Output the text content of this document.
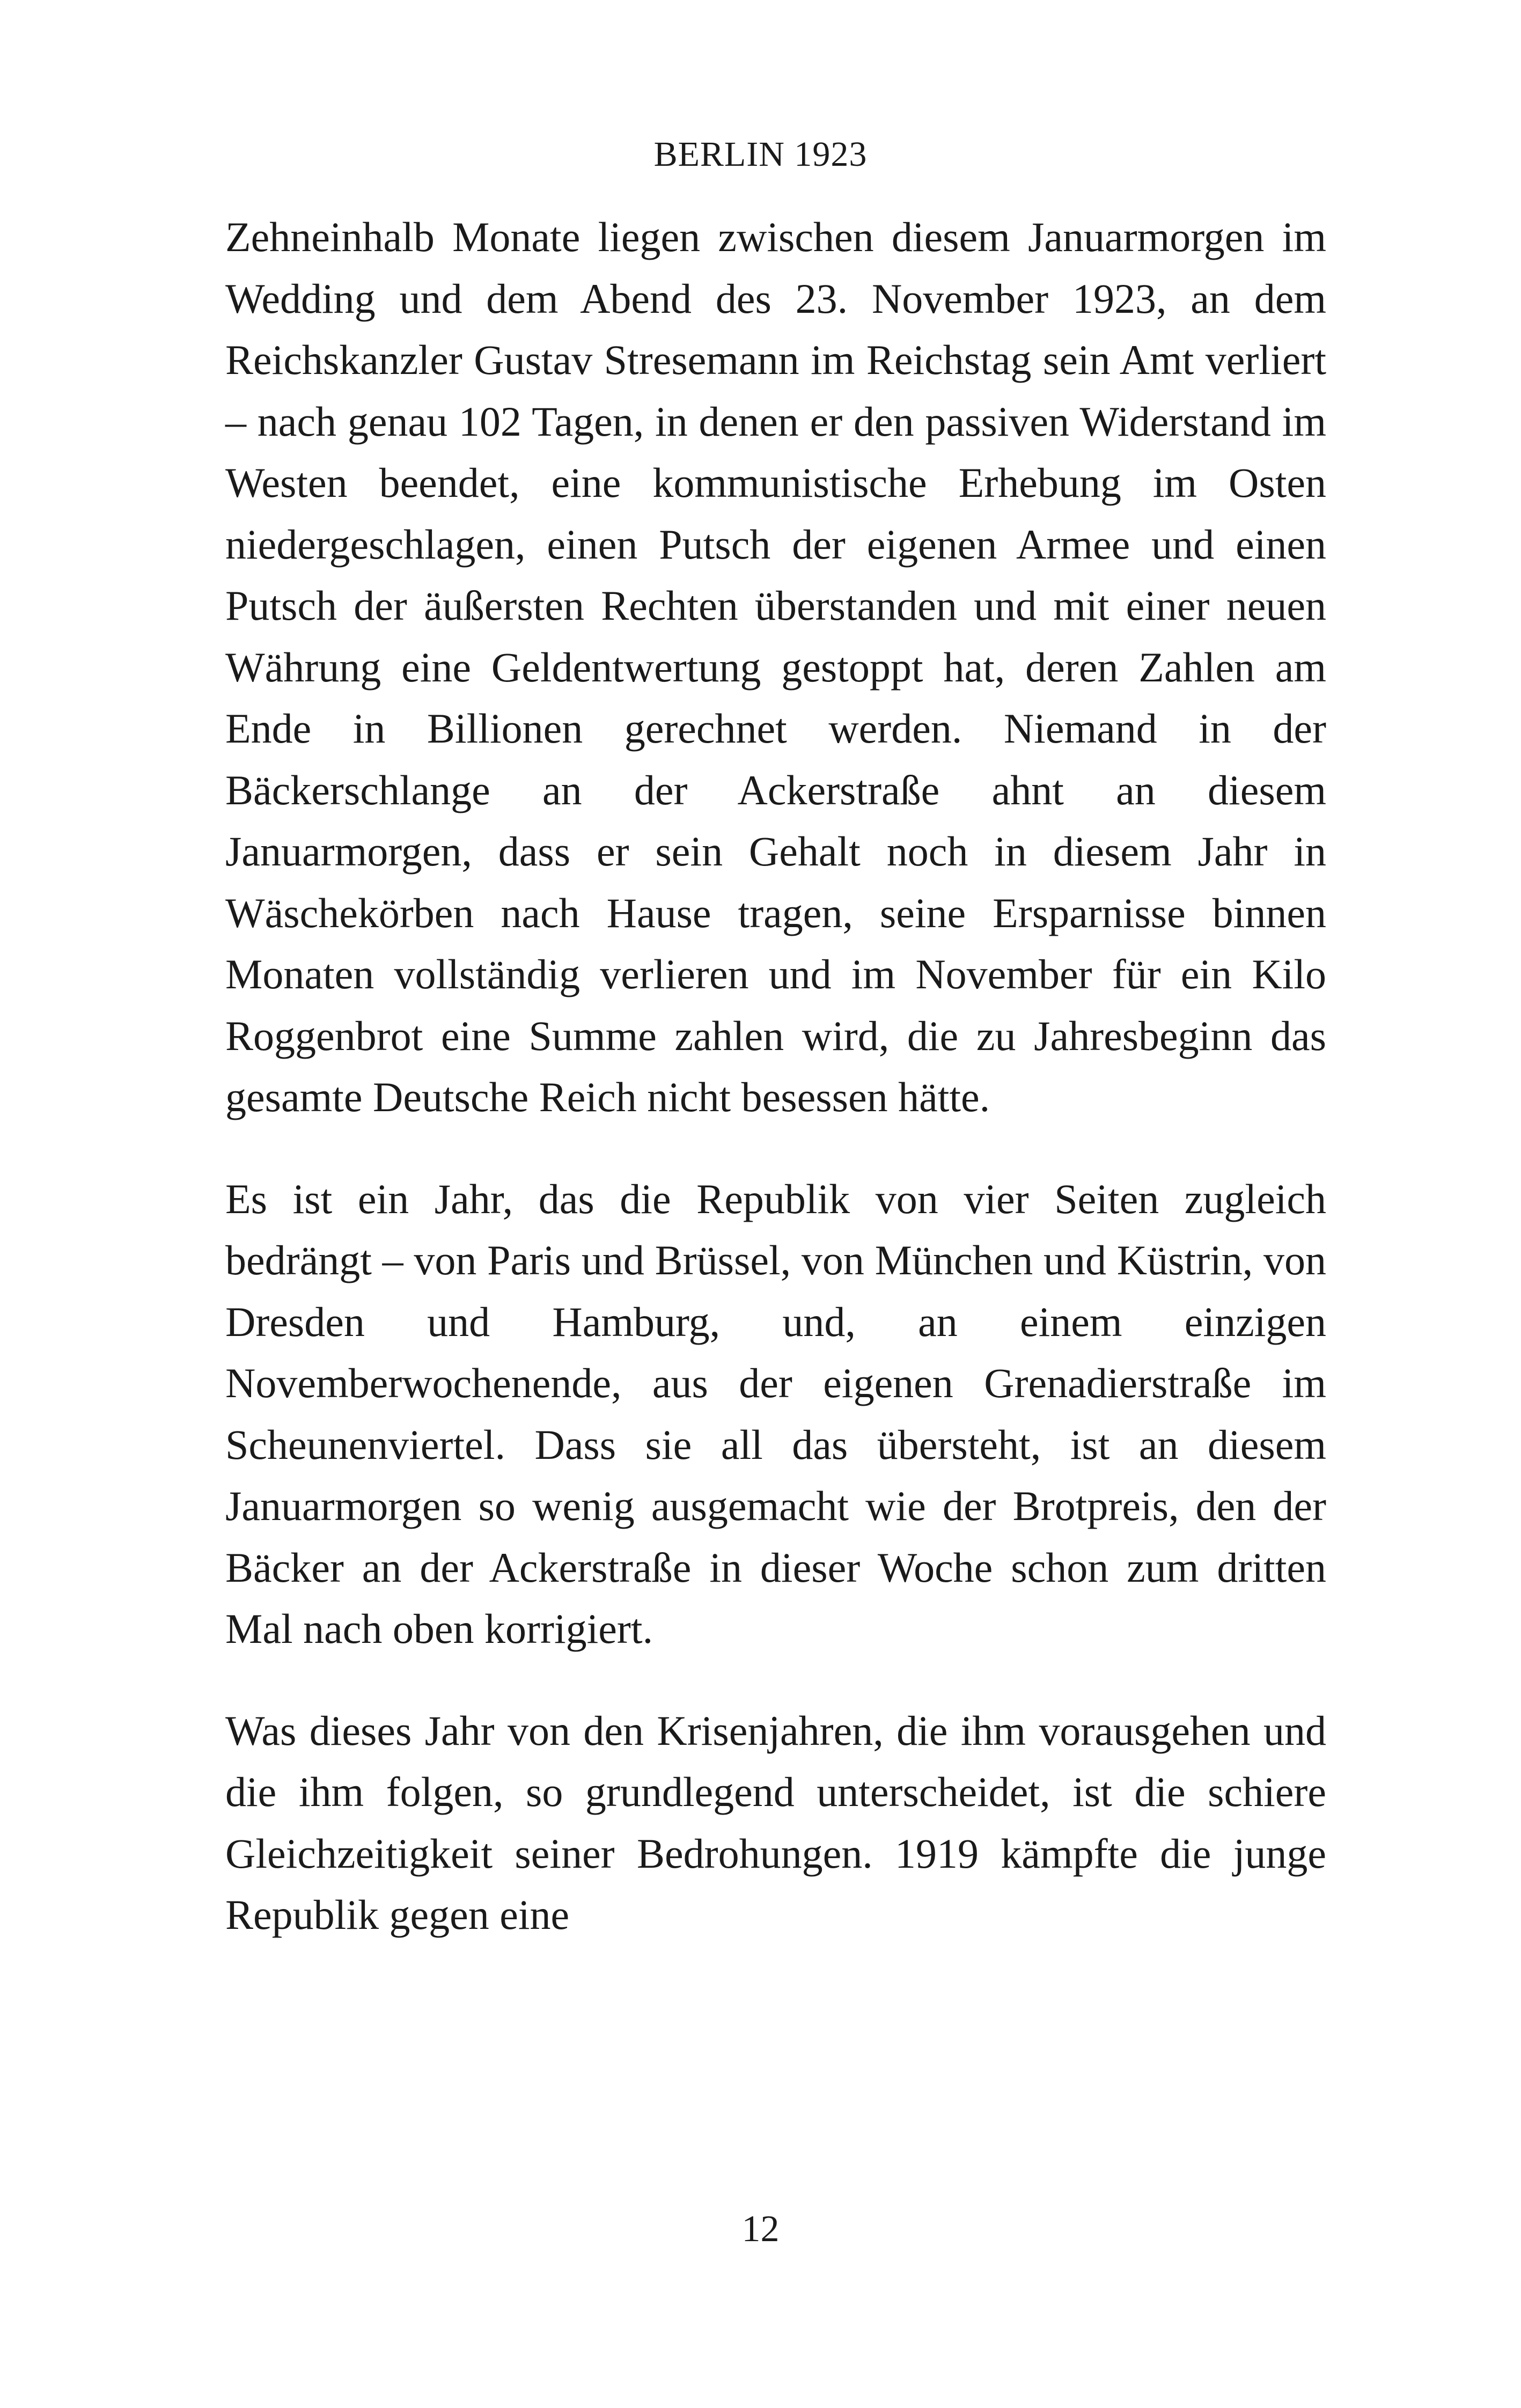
BERLIN 1923

Zehneinhalb Monate liegen zwischen diesem Januarmorgen im Wedding und dem Abend des 23. November 1923, an dem Reichskanzler Gustav Stresemann im Reichstag sein Amt verliert – nach genau 102 Tagen, in denen er den passiven Widerstand im Westen beendet, eine kommunistische Erhebung im Osten niedergeschlagen, einen Putsch der eigenen Armee und einen Putsch der äußersten Rechten überstanden und mit einer neuen Währung eine Geldentwertung gestoppt hat, deren Zahlen am Ende in Billionen gerechnet werden. Niemand in der Bäckerschlange an der Ackerstraße ahnt an diesem Januarmorgen, dass er sein Gehalt noch in diesem Jahr in Wäschekörben nach Hause tragen, seine Ersparnisse binnen Monaten vollständig verlieren und im November für ein Kilo Roggenbrot eine Summe zahlen wird, die zu Jahresbeginn das gesamte Deutsche Reich nicht besessen hätte.

Es ist ein Jahr, das die Republik von vier Seiten zugleich bedrängt – von Paris und Brüssel, von München und Küstrin, von Dresden und Hamburg, und, an einem einzigen Novemberwochenende, aus der eigenen Grenadierstraße im Scheunenviertel. Dass sie all das übersteht, ist an diesem Januarmorgen so wenig ausgemacht wie der Brotpreis, den der Bäcker an der Ackerstraße in dieser Woche schon zum dritten Mal nach oben korrigiert.

Was dieses Jahr von den Krisenjahren, die ihm vorausgehen und die ihm folgen, so grundlegend unterscheidet, ist die schiere Gleichzeitigkeit seiner Bedrohungen. 1919 kämpfte die junge Republik gegen eine

12
